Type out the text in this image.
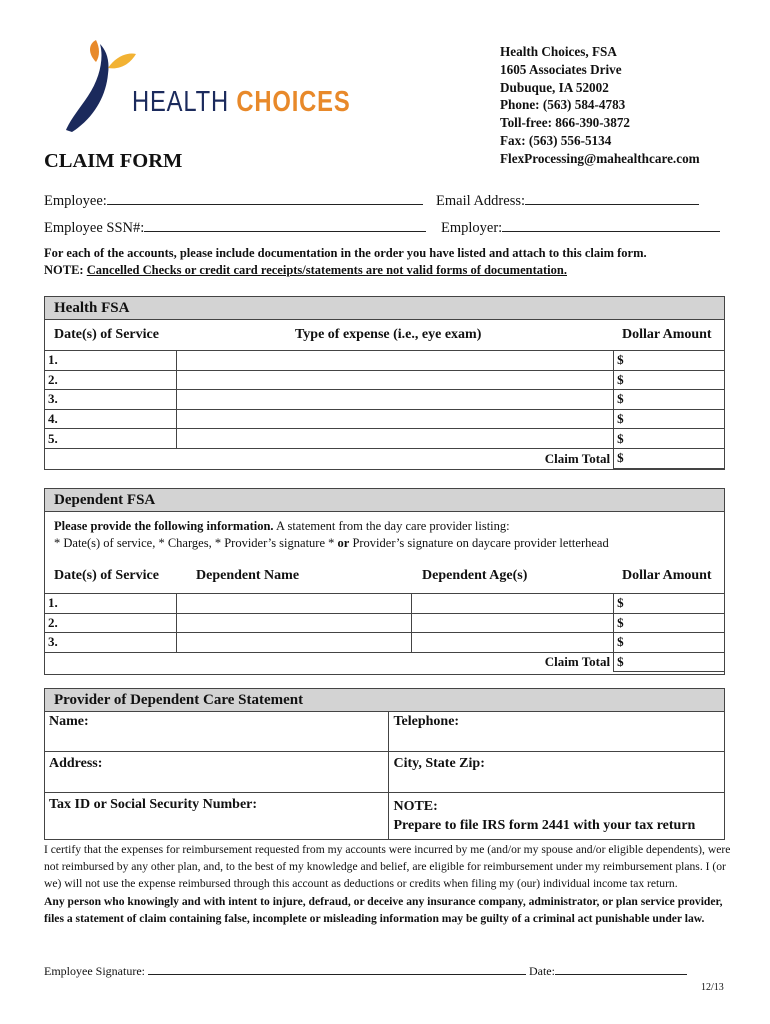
HEALTH CHOICES
Health Choices, FSA
1605 Associates Drive
Dubuque, IA 52002
Phone: (563) 584-4783
Toll-free: 866-390-3872
Fax: (563) 556-5134
FlexProcessing@mahealthcare.com
CLAIM FORM
Employee:	Email Address:
Employee SSN#:	Employer:
For each of the accounts, please include documentation in the order you have listed and attach to this claim form.
NOTE: Cancelled Checks or credit card receipts/statements are not valid forms of documentation.
Health FSA
Date(s) of Service	Type of expense (i.e., eye exam)	Dollar Amount
1.		$
2.		$
3.		$
4.		$
5.		$
	Claim Total	$
Dependent FSA
Please provide the following information. A statement from the day care provider listing:
* Date(s) of service, * Charges, * Provider’s signature * or Provider’s signature on daycare provider letterhead
Date(s) of Service	Dependent Name	Dependent Age(s)	Dollar Amount
1.			$
2.			$
3.			$
		Claim Total	$
Provider of Dependent Care Statement
Name:	Telephone:
Address:	City, State Zip:
Tax ID or Social Security Number:	NOTE:
Prepare to file IRS form 2441 with your tax return

I certify that the expenses for reimbursement requested from my accounts were incurred by me (and/or my spouse and/or eligible dependents), were not reimbursed by any other plan, and, to the best of my knowledge and belief, are eligible for reimbursement under my reimbursement plans. I (or we) will not use the expense reimbursed through this account as deductions or credits when filing my (our) individual income tax return.

Any person who knowingly and with intent to injure, defraud, or deceive any insurance company, administrator, or plan service provider, files a statement of claim containing false, incomplete or misleading information may be guilty of a criminal act punishable under law.

Employee Signature:	Date:
12/13
